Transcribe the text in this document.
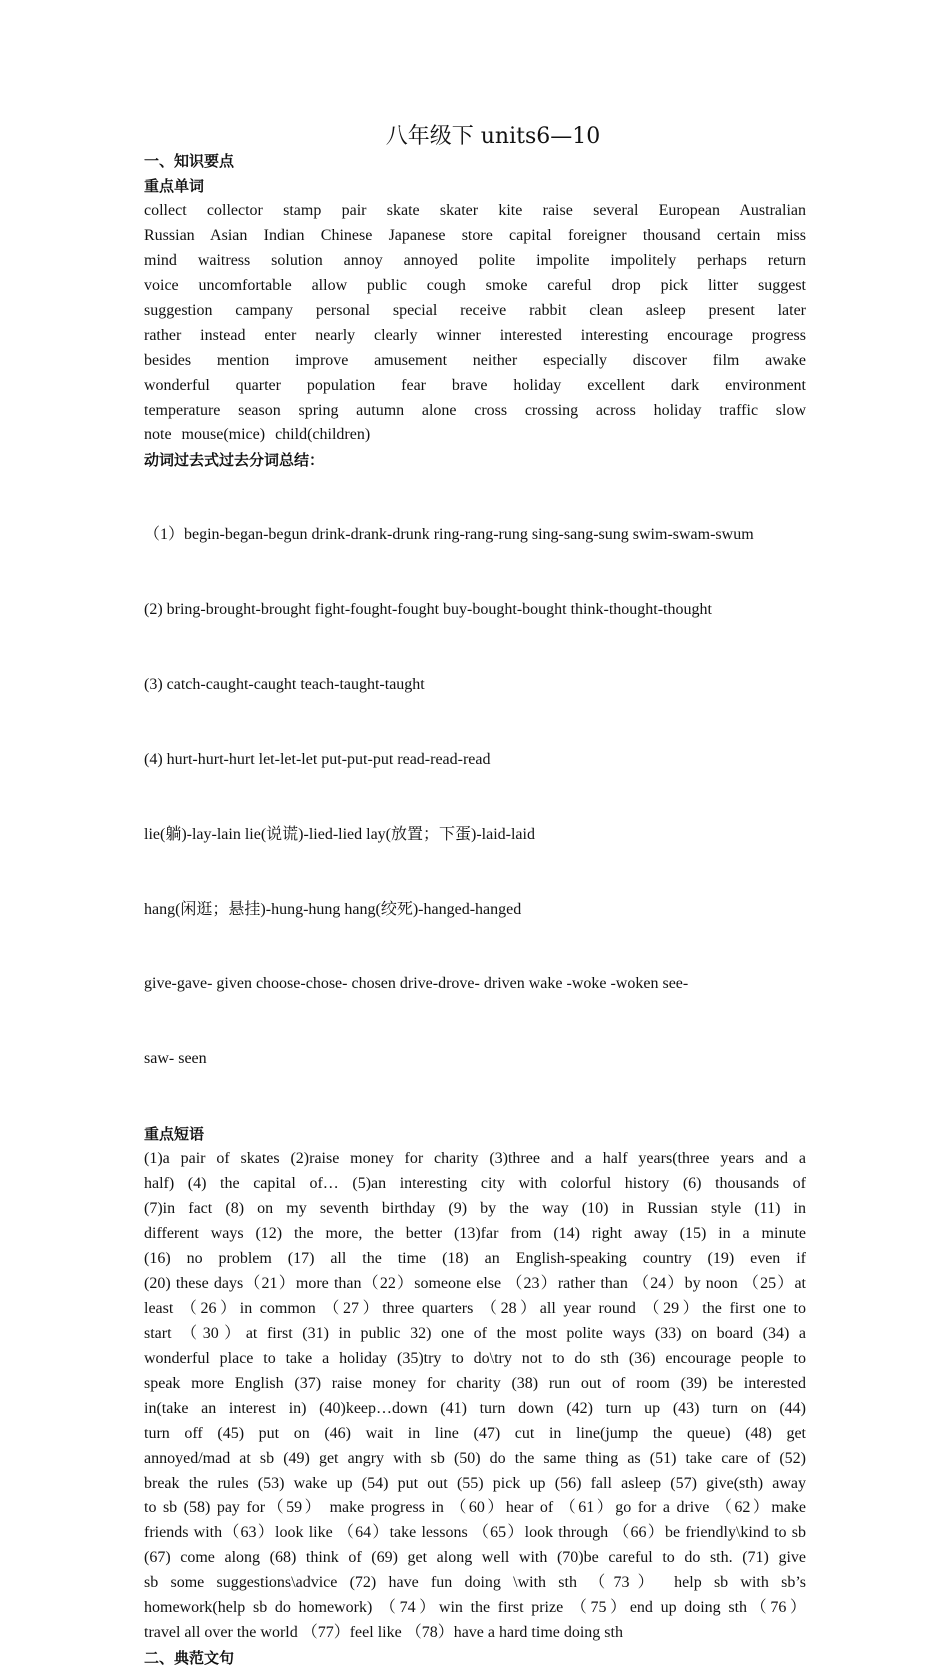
八年级下 units6—10
一、知识要点
重点单词
collect collector stamp pair skate skater kite raise several European Australian
Russian Asian Indian Chinese Japanese store capital foreigner thousand certain miss
mind waitress solution annoy annoyed polite impolite impolitely perhaps return
voice uncomfortable allow public cough smoke careful drop pick litter suggest
suggestion campany personal special receive rabbit clean asleep present later
rather instead enter nearly clearly winner interested interesting encourage progress
besides mention improve amusement neither especially discover film awake
wonderful quarter population fear brave holiday excellent dark environment
temperature season spring autumn alone cross crossing across holiday traffic slow
note mouse(mice) child(children)
动词过去式过去分词总结：

（1）begin-began-begun drink-drank-drunk ring-rang-rung sing-sang-sung swim-swam-swum

(2) bring-brought-brought fight-fought-fought buy-bought-bought think-thought-thought

(3) catch-caught-caught teach-taught-taught

(4) hurt-hurt-hurt let-let-let put-put-put read-read-read

lie(躺)-lay-lain lie(说谎)-lied-lied lay(放置；下蛋)-laid-laid

hang(闲逛；悬挂)-hung-hung hang(绞死)-hanged-hanged

give-gave- given choose-chose- chosen drive-drove- driven wake -woke -woken see-

saw- seen

重点短语
(1)a pair of skates (2)raise money for charity (3)three and a half years(three years and a
half) (4) the capital of… (5)an interesting city with colorful history (6) thousands of
(7)in fact (8) on my seventh birthday (9) by the way (10) in Russian style (11) in
different ways (12) the more, the better (13)far from (14) right away (15) in a minute
(16) no problem (17) all the time (18) an English-speaking country (19) even if
(20) these days（21）more than（22）someone else （23）rather than （24）by noon （25）at
least （26）in common （27）three quarters （28）all year round （29）the first one to
start （30）at first (31) in public 32) one of the most polite ways (33) on board (34) a
wonderful place to take a holiday (35)try to do\try not to do sth (36) encourage people to
speak more English (37) raise money for charity (38) run out of room (39) be interested
in(take an interest in) (40)keep…down (41) turn down (42) turn up (43) turn on (44)
turn off (45) put on (46) wait in line (47) cut in line(jump the queue) (48) get
annoyed/mad at sb (49) get angry with sb (50) do the same thing as (51) take care of (52)
break the rules (53) wake up (54) put out (55) pick up (56) fall asleep (57) give(sth) away
to sb (58) pay for（59） make progress in （60）hear of （61）go for a drive （62）make
friends with（63）look like （64）take lessons （65）look through （66）be friendly\kind to sb
(67) come along (68) think of (69) get along well with (70)be careful to do sth. (71) give
sb some suggestions\advice (72) have fun doing \with sth （73） help sb with sb’s
homework(help sb do homework) （74）win the first prize （75）end up doing sth（76）
travel all over the world （77）feel like （78）have a hard time doing sth
二、典范文句
